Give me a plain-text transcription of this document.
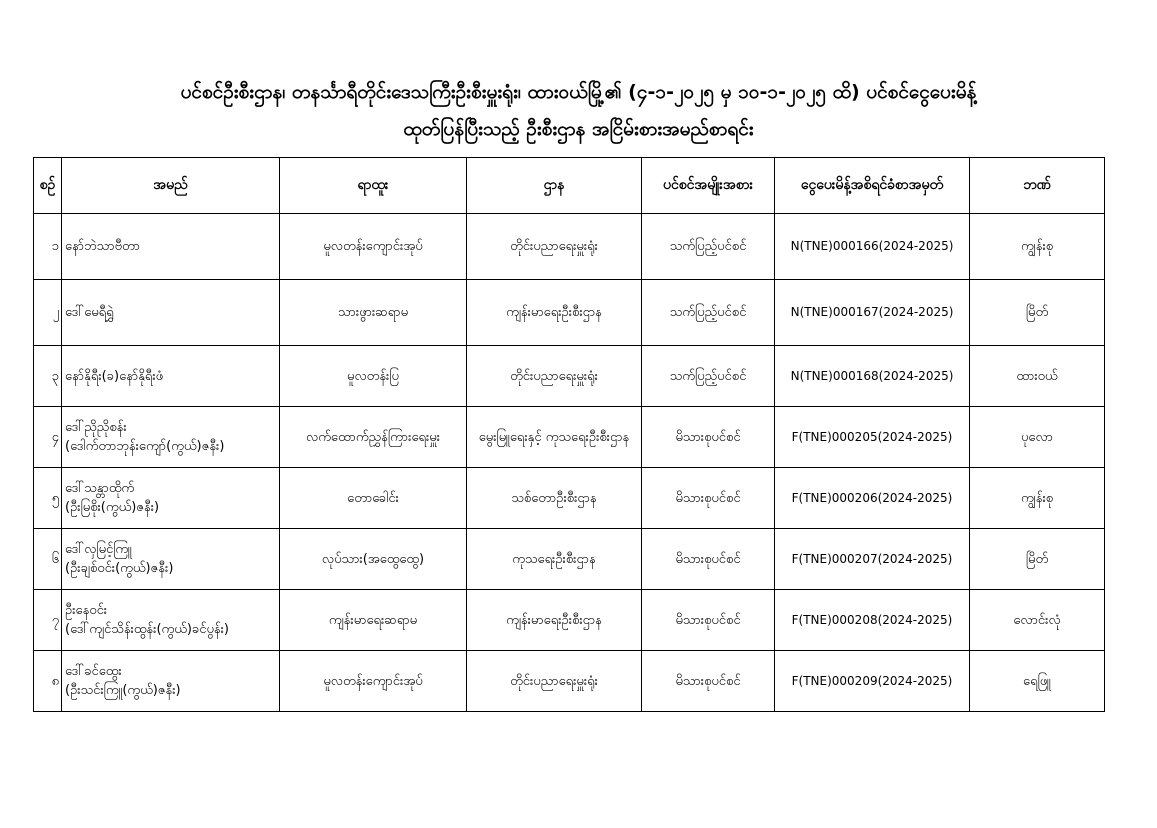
ပင်စင်ဦးစီးဌာန၊ တနင်္သာရီတိုင်းဒေသကြီးဦးစီးမှူးရုံး၊ ထားဝယ်မြို့၏ (၄-၁-၂၀၂၅ မှ ၁၀-၁-၂၀၂၅ ထိ) ပင်စင်ငွေပေးမိန့်
ထုတ်ပြန်ပြီးသည့် ဦးစီးဌာန အငြိမ်းစားအမည်စာရင်း
စဉ်	အမည်	ရာထူး	ဌာန	ပင်စင်အမျိုးအစား	ငွေပေးမိန့်အစိရင်ခံစာအမှတ်	ဘဏ်
၁	နော်ဘဲသာဗီတာ	မူလတန်းကျောင်းအုပ်	တိုင်းပညာရေးမှူးရုံး	သက်ပြည့်ပင်စင်	N(TNE)000166(2024-2025)	ကျွန်းစု
၂	ဒေါ်မေရီရွှဲ	သားဖွားဆရာမ	ကျန်းမာရေးဦးစီးဌာန	သက်ပြည့်ပင်စင်	N(TNE)000167(2024-2025)	မြိတ်
၃	နော်နိုရီး(ခ)နော်နိုရီးဖံ	မူလတန်းပြ	တိုင်းပညာရေးမှူးရုံး	သက်ပြည့်ပင်စင်	N(TNE)000168(2024-2025)	ထားဝယ်
၄	ဒေါ်ညိုညိုစန်း
(ဒေါက်တာဘုန်းကျော်(ကွယ်)ဇနီး)	လက်ထောက်ညွှန်ကြားရေးမှူး	မွေးမြူရေးနှင့် ကုသရေးဦးစီးဌာန	မိသားစုပင်စင်	F(TNE)000205(2024-2025)	ပုလော
၅	ဒေါ်သန္တာထိုက်
(ဦးမြစိုး(ကွယ်)ဇနီး)	တောခေါင်း	သစ်တောဦးစီးဌာန	မိသားစုပင်စင်	F(TNE)000206(2024-2025)	ကျွန်းစု
၆	ဒေါ်လှမြင့်ကြူ
(ဦးချစ်ဝင်း(ကွယ်)ဇနီး)	လုပ်သား(အထွေထွေ)	ကုသရေးဦးစီးဌာန	မိသားစုပင်စင်	F(TNE)000207(2024-2025)	မြိတ်
၇	ဦးနေဝင်း
(ဒေါ်ကျင်သိန်းထွန်း(ကွယ်)ခင်ပွန်း)	ကျန်းမာရေးဆရာမ	ကျန်းမာရေးဦးစီးဌာန	မိသားစုပင်စင်	F(TNE)000208(2024-2025)	လောင်းလုံ
၈	ဒေါ်ခင်ထွေး
(ဦးသင်းကြူ(ကွယ်)ဇနီး)	မူလတန်းကျောင်းအုပ်	တိုင်းပညာရေးမှူးရုံး	မိသားစုပင်စင်	F(TNE)000209(2024-2025)	ရေဖြူ
